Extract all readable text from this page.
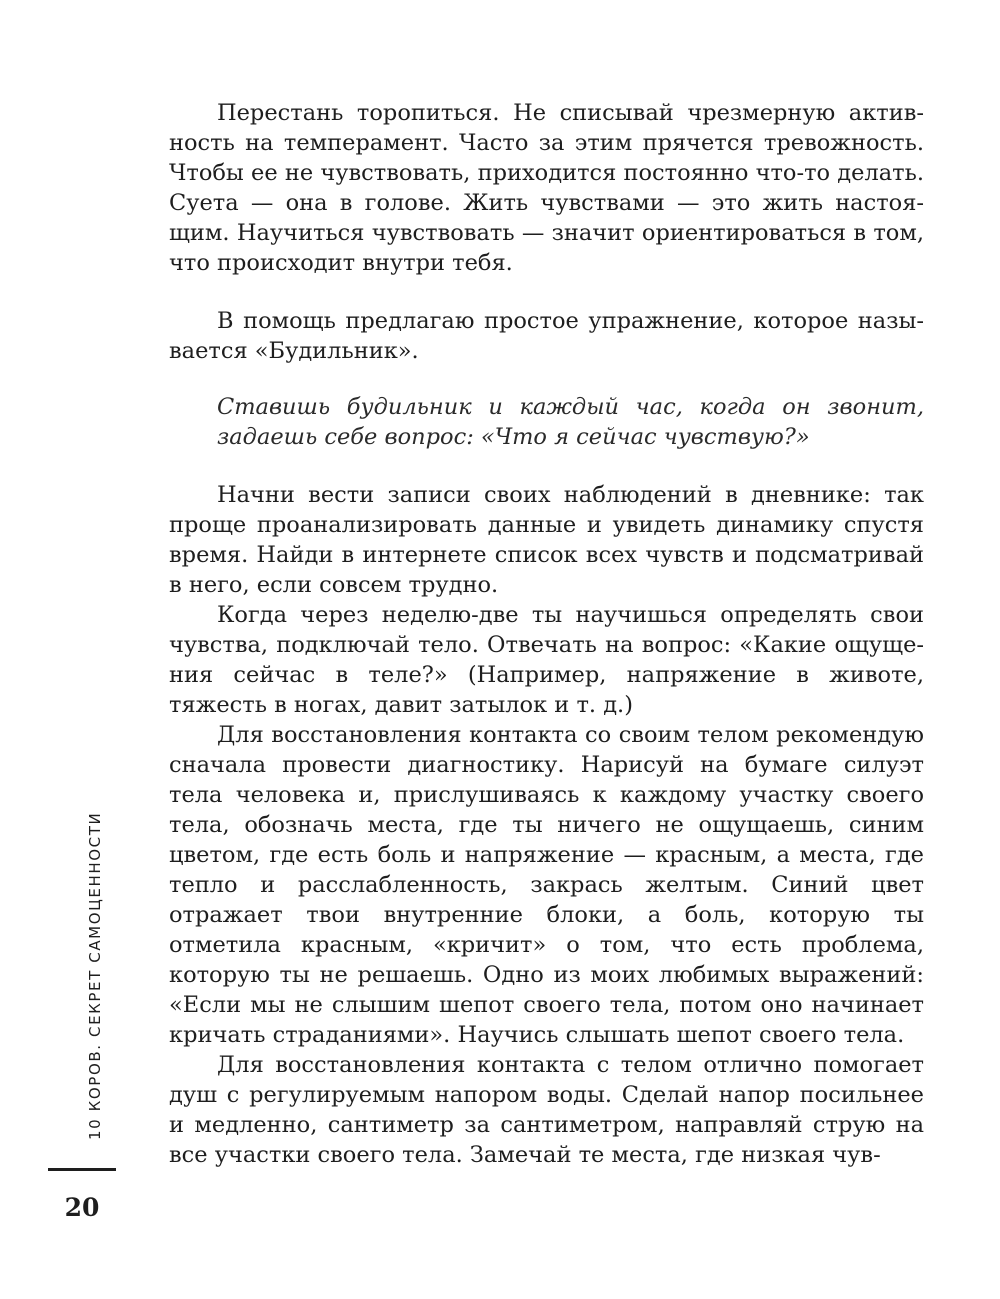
Перестань торопиться. Не списывай чрезмерную активность на темперамент. Часто за этим прячется тревожность. Чтобы ее не чувствовать, приходится постоянно что-то делать. Суета — она в голове. Жить чувствами — это жить настоящим. Научиться чувствовать — значит ориентироваться в том, что происходит внутри тебя.

В помощь предлагаю простое упражнение, которое называется «Будильник».

Ставишь будильник и каждый час, когда он звонит, задаешь себе вопрос: «Что я сейчас чувствую?»

Начни вести записи своих наблюдений в дневнике: так проще проанализировать данные и увидеть динамику спустя время. Найди в интернете список всех чувств и подсматривай в него, если совсем трудно.

Когда через неделю-две ты научишься определять свои чувства, подключай тело. Отвечать на вопрос: «Какие ощущения сейчас в теле?» (Например, напряжение в животе, тяжесть в ногах, давит затылок и т. д.)

Для восстановления контакта со своим телом рекомендую сначала провести диагностику. Нарисуй на бумаге силуэт тела человека и, прислушиваясь к каждому участку своего тела, обозначь места, где ты ничего не ощущаешь, синим цветом, где есть боль и напряжение — красным, а места, где тепло и расслабленность, закрась желтым. Синий цвет отражает твои внутренние блоки, а боль, которую ты отметила красным, «кричит» о том, что есть проблема, которую ты не решаешь. Одно из моих любимых выражений: «Если мы не слышим шепот своего тела, потом оно начинает кричать страданиями». Научись слышать шепот своего тела.

Для восстановления контакта с телом отлично помогает душ с регулируемым напором воды. Сделай напор посильнее и медленно, сантиметр за сантиметром, направляй струю на все участки своего тела. Замечай те места, где низкая чув-

10 КОРОВ. СЕКРЕТ САМОЦЕННОСТИ
20
